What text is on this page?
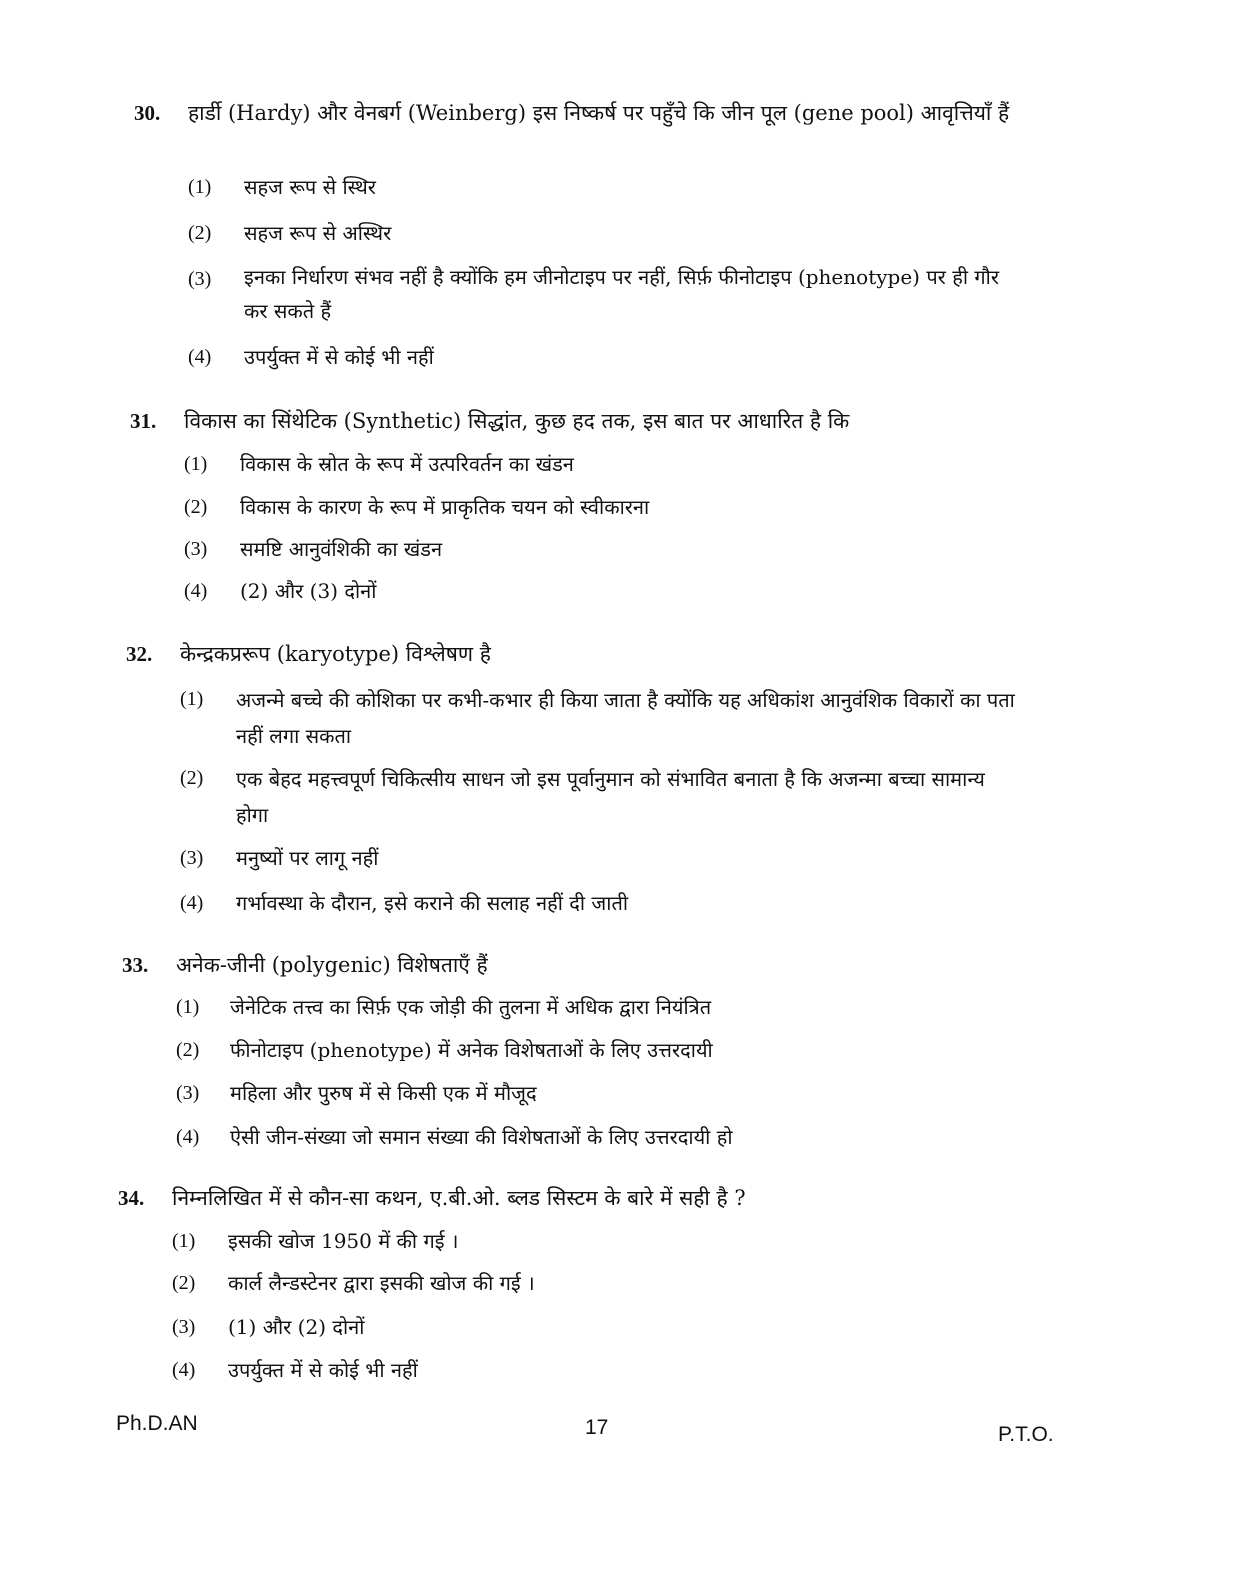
30. हार्डी (Hardy) और वेनबर्ग (Weinberg) इस निष्कर्ष पर पहुँचे कि जीन पूल (gene pool) आवृत्तियाँ हैं
(1) सहज रूप से स्थिर
(2) सहज रूप से अस्थिर
(3) इनका निर्धारण संभव नहीं है क्योंकि हम जीनोटाइप पर नहीं, सिर्फ़ फीनोटाइप (phenotype) पर ही गौर कर सकते हैं
(4) उपर्युक्त में से कोई भी नहीं
31. विकास का सिंथेटिक (Synthetic) सिद्धांत, कुछ हद तक, इस बात पर आधारित है कि
(1) विकास के स्रोत के रूप में उत्परिवर्तन का खंडन
(2) विकास के कारण के रूप में प्राकृतिक चयन को स्वीकारना
(3) समष्टि आनुवंशिकी का खंडन
(4) (2) और (3) दोनों
32. केन्द्रकप्ररूप (karyotype) विश्लेषण है
(1) अजन्मे बच्चे की कोशिका पर कभी-कभार ही किया जाता है क्योंकि यह अधिकांश आनुवंशिक विकारों का पता नहीं लगा सकता
(2) एक बेहद महत्त्वपूर्ण चिकित्सीय साधन जो इस पूर्वानुमान को संभावित बनाता है कि अजन्मा बच्चा सामान्य होगा
(3) मनुष्यों पर लागू नहीं
(4) गर्भावस्था के दौरान, इसे कराने की सलाह नहीं दी जाती
33. अनेक-जीनी (polygenic) विशेषताएँ हैं
(1) जेनेटिक तत्त्व का सिर्फ़ एक जोड़ी की तुलना में अधिक द्वारा नियंत्रित
(2) फीनोटाइप (phenotype) में अनेक विशेषताओं के लिए उत्तरदायी
(3) महिला और पुरुष में से किसी एक में मौजूद
(4) ऐसी जीन-संख्या जो समान संख्या की विशेषताओं के लिए उत्तरदायी हो
34. निम्नलिखित में से कौन-सा कथन, ए.बी.ओ. ब्लड सिस्टम के बारे में सही है ?
(1) इसकी खोज 1950 में की गई ।
(2) कार्ल लैन्डस्टेनर द्वारा इसकी खोज की गई ।
(3) (1) और (2) दोनों
(4) उपर्युक्त में से कोई भी नहीं
Ph.D.AN	17	P.T.O.
